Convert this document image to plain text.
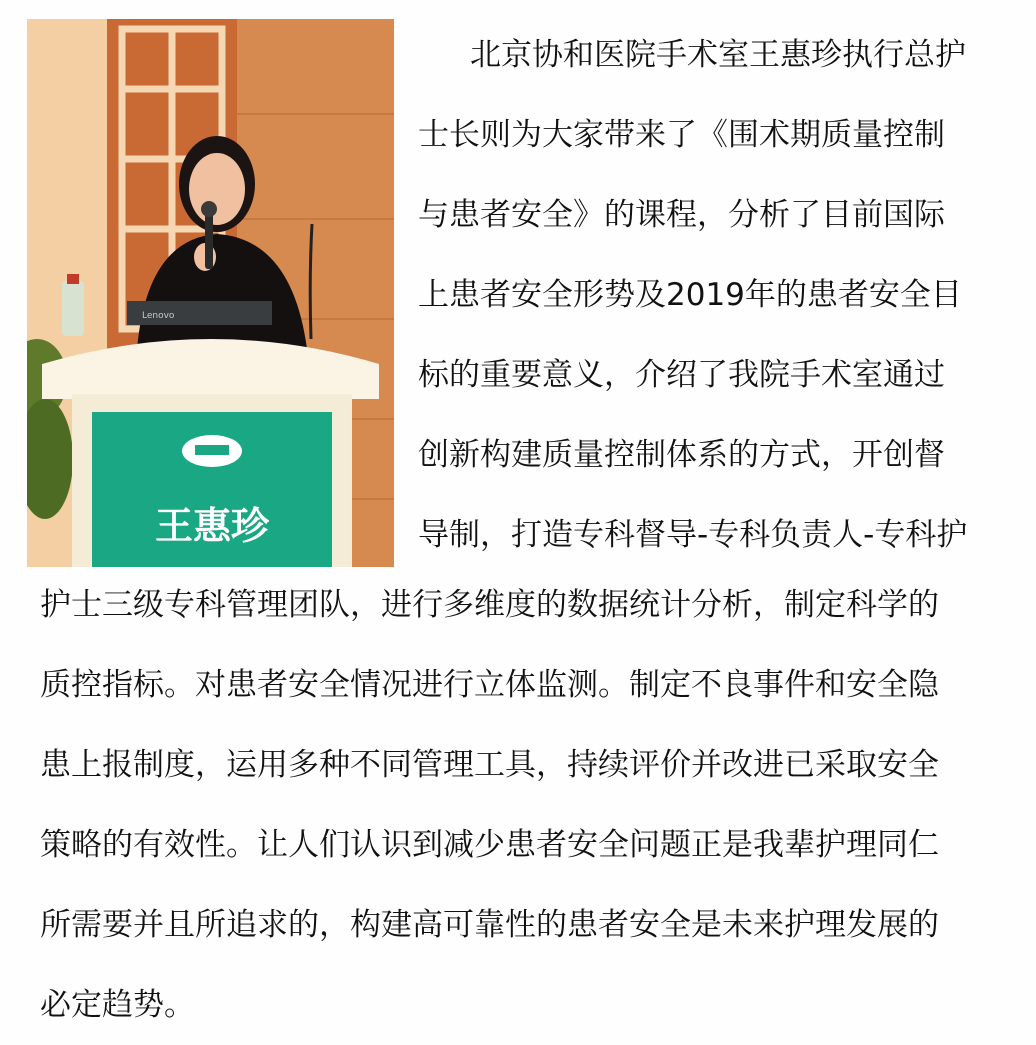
Lenovo
王惠珍

北京协和医院手术室王惠珍执行总护

士长则为大家带来了《围术期质量控制

与患者安全》的课程，分析了目前国际

上患者安全形势及2019年的患者安全目

标的重要意义，介绍了我院手术室通过

创新构建质量控制体系的方式，开创督

导制，打造专科督导-专科负责人-专科护

护士三级专科管理团队，进行多维度的数据统计分析，制定科学的

质控指标。对患者安全情况进行立体监测。制定不良事件和安全隐

患上报制度，运用多种不同管理工具，持续评价并改进已采取安全

策略的有效性。让人们认识到减少患者安全问题正是我辈护理同仁

所需要并且所追求的，构建高可靠性的患者安全是未来护理发展的

必定趋势。
